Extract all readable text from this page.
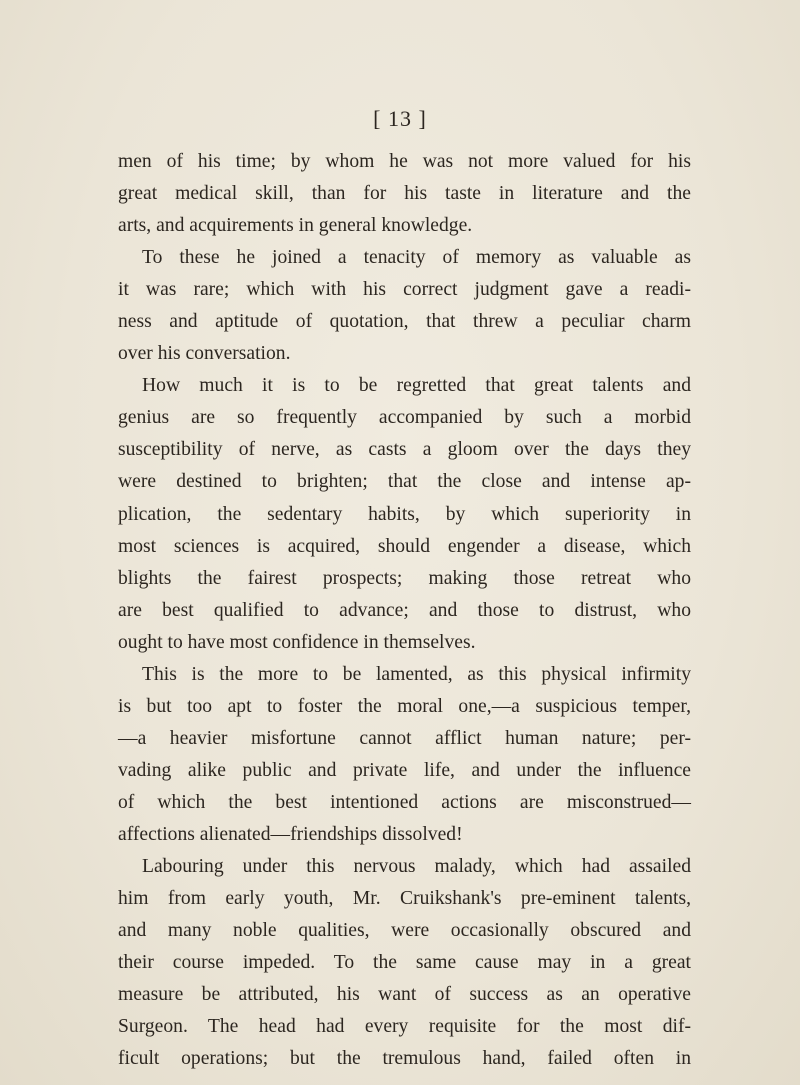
[ 13 ]
men of his time; by whom he was not more valued for his
great medical skill, than for his taste in literature and the
arts, and acquirements in general knowledge.
To these he joined a tenacity of memory as valuable as
it was rare; which with his correct judgment gave a readi-
ness and aptitude of quotation, that threw a peculiar charm
over his conversation.
How much it is to be regretted that great talents and
genius are so frequently accompanied by such a morbid
susceptibility of nerve, as casts a gloom over the days they
were destined to brighten; that the close and intense ap-
plication, the sedentary habits, by which superiority in
most sciences is acquired, should engender a disease, which
blights the fairest prospects; making those retreat who
are best qualified to advance; and those to distrust, who
ought to have most confidence in themselves.
This is the more to be lamented, as this physical infirmity
is but too apt to foster the moral one,—a suspicious temper,
—a heavier misfortune cannot afflict human nature; per-
vading alike public and private life, and under the influence
of which the best intentioned actions are misconstrued—
affections alienated—friendships dissolved!
Labouring under this nervous malady, which had assailed
him from early youth, Mr. Cruikshank's pre-eminent talents,
and many noble qualities, were occasionally obscured and
their course impeded. To the same cause may in a great
measure be attributed, his want of success as an operative
Surgeon. The head had every requisite for the most dif-
ficult operations; but the tremulous hand, failed often in
